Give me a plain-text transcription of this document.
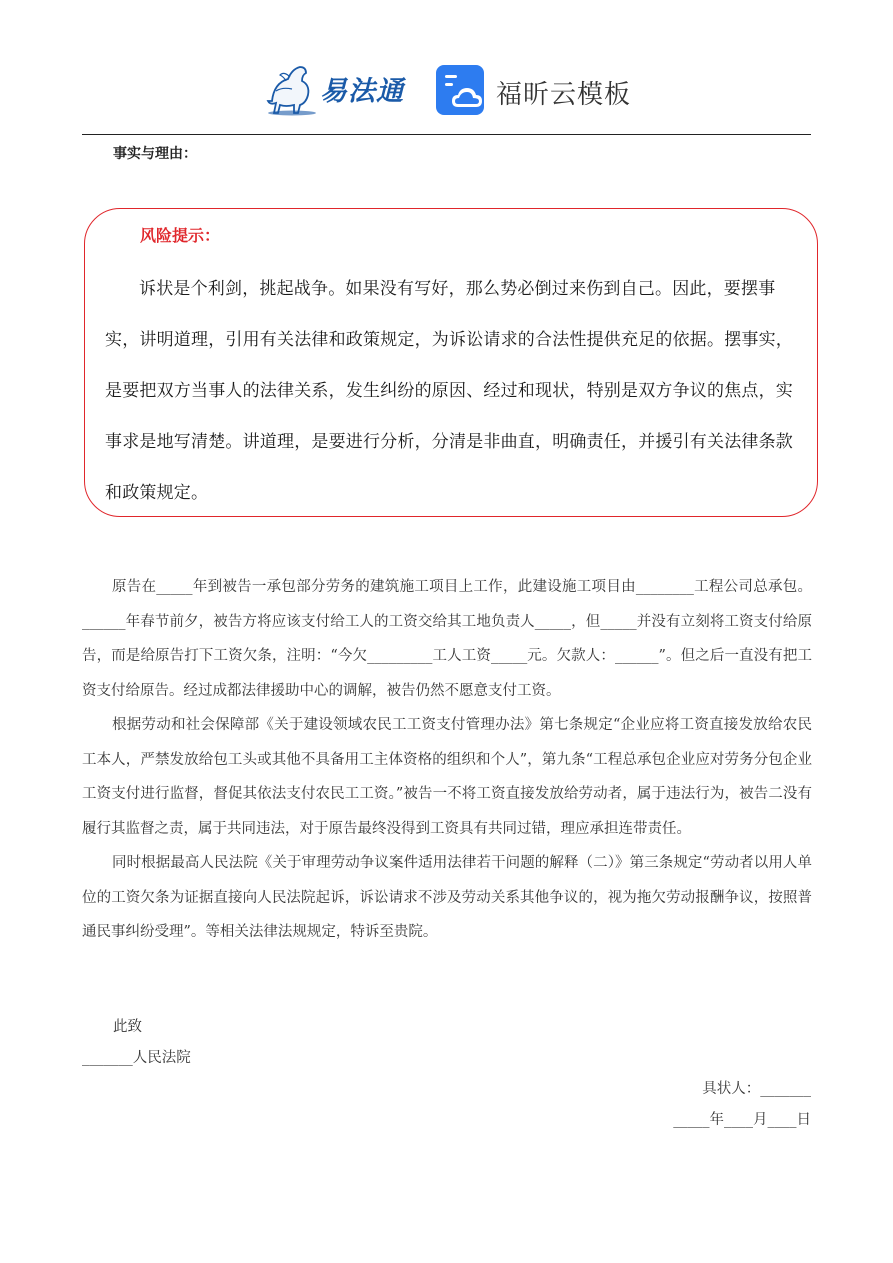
易法通	福昕云模板
事实与理由：
风险提示：

诉状是个利剑，挑起战争。如果没有写好，那么势必倒过来伤到自己。因此，要摆事实，讲明道理，引用有关法律和政策规定，为诉讼请求的合法性提供充足的依据。摆事实，是要把双方当事人的法律关系，发生纠纷的原因、经过和现状，特别是双方争议的焦点，实事求是地写清楚。讲道理，是要进行分析，分清是非曲直，明确责任，并援引有关法律条款和政策规定。

原告在_____年到被告一承包部分劳务的建筑施工项目上工作，此建设施工项目由________工程公司总承包。______年春节前夕，被告方将应该支付给工人的工资交给其工地负责人_____，但_____并没有立刻将工资支付给原告，而是给原告打下工资欠条，注明：“今欠_________工人工资_____元。欠款人：______”。但之后一直没有把工资支付给原告。经过成都法律援助中心的调解，被告仍然不愿意支付工资。

根据劳动和社会保障部《关于建设领域农民工工资支付管理办法》第七条规定“企业应将工资直接发放给农民工本人，严禁发放给包工头或其他不具备用工主体资格的组织和个人”，第九条“工程总承包企业应对劳务分包企业工资支付进行监督，督促其依法支付农民工工资。”被告一不将工资直接发放给劳动者，属于违法行为，被告二没有履行其监督之责，属于共同违法，对于原告最终没得到工资具有共同过错，理应承担连带责任。

同时根据最高人民法院《关于审理劳动争议案件适用法律若干问题的解释（二）》第三条规定“劳动者以用人单位的工资欠条为证据直接向人民法院起诉，诉讼请求不涉及劳动关系其他争议的，视为拖欠劳动报酬争议，按照普通民事纠纷受理”。等相关法律法规规定，特诉至贵院。

此致
_______人民法院
具状人：_______
_____年____月____日
